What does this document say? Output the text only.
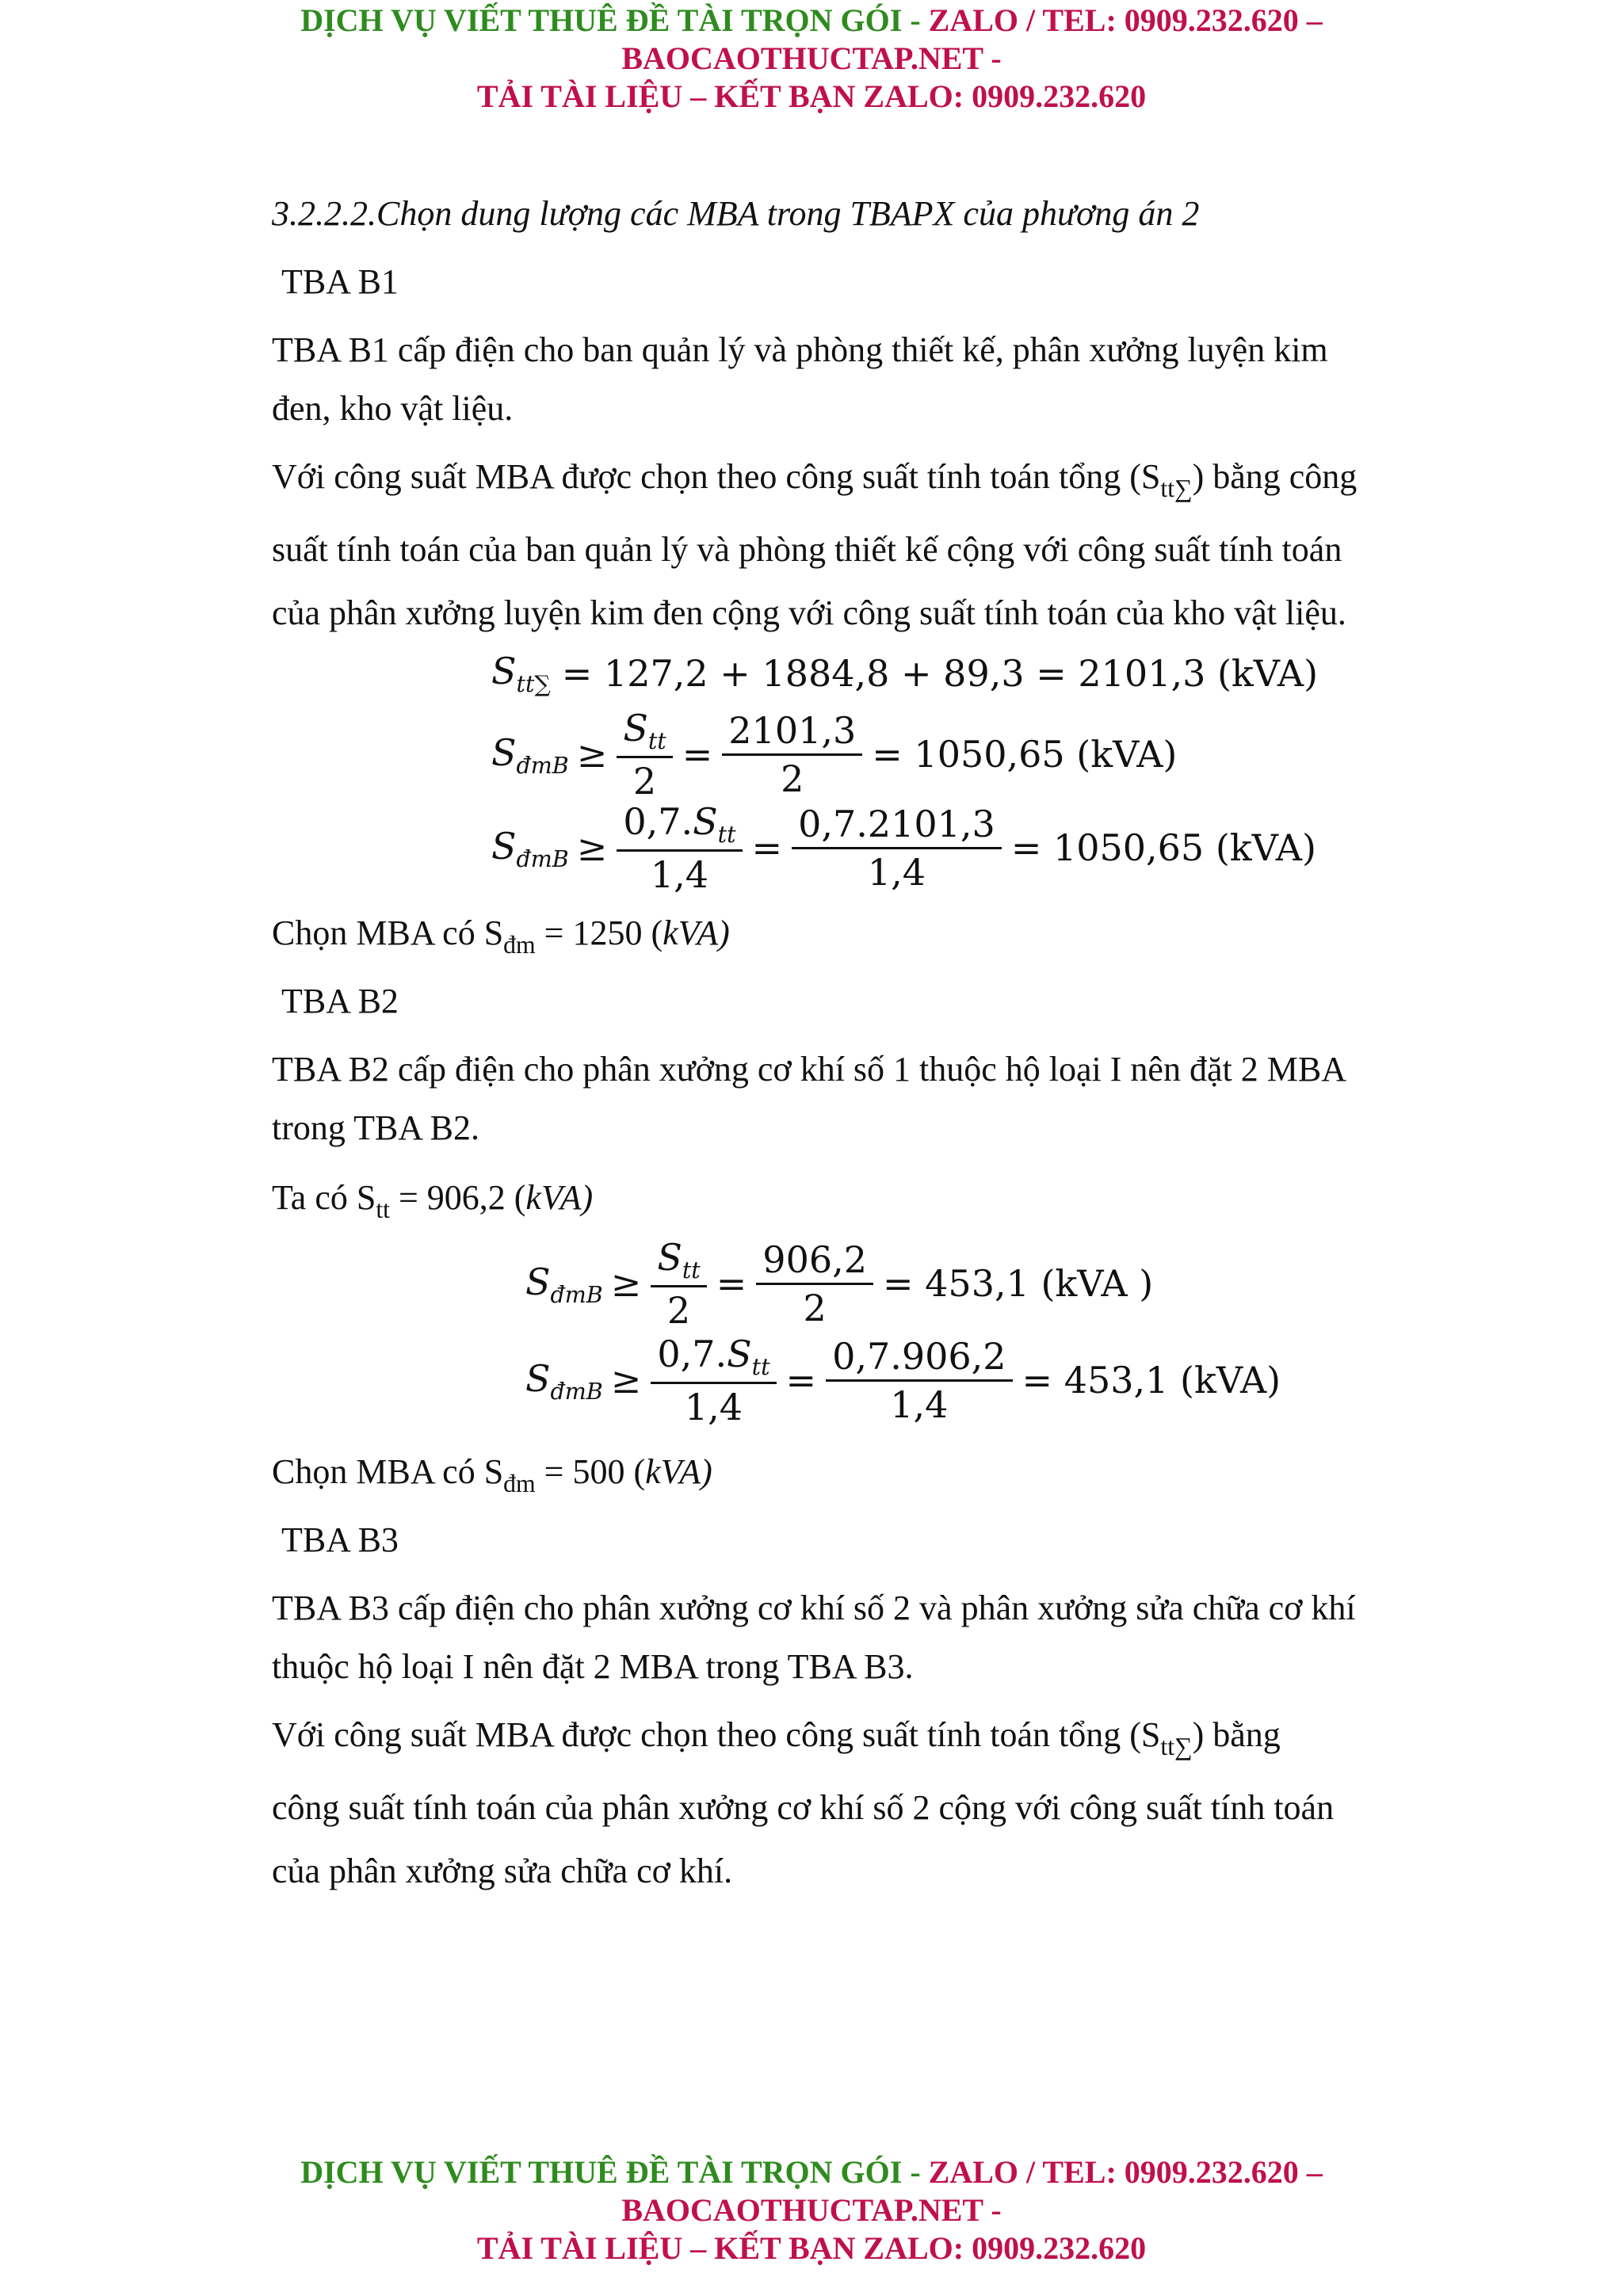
DỊCH VỤ VIẾT THUÊ ĐỀ TÀI TRỌN GÓI - ZALO / TEL: 0909.232.620 –
BAOCAOTHUCTAP.NET -
TẢI TÀI LIỆU – KẾT BẠN ZALO: 0909.232.620
3.2.2.2.Chọn dung lượng các MBA trong TBAPX của phương án 2
TBA B1
TBA B1 cấp điện cho ban quản lý và phòng thiết kế, phân xưởng luyện kim
đen, kho vật liệu.
Với công suất MBA được chọn theo công suất tính toán tổng $(S_{tt\sum})$ bằng công
suất tính toán của ban quản lý và phòng thiết kế cộng với công suất tính toán
của phân xưởng luyện kim đen cộng với công suất tính toán của kho vật liệu.
$S_{tt\sum} = 127,2 + 1884,8 + 89,3 = 2101,3$ (kVA)
$S_{đmB} \ge \frac{S_{tt}}{2} = \frac{2101,3}{2} = 1050,65$ (kVA)
$S_{đmB} \ge \frac{0,7.S_{tt}}{1,4} = \frac{0,7.2101,3}{1,4} = 1050,65$ (kVA)
Chọn MBA có $S_{đm} = 1250$ (kVA)
TBA B2
TBA B2 cấp điện cho phân xưởng cơ khí số 1 thuộc hộ loại I nên đặt 2 MBA
trong TBA B2.
Ta có $S_{tt} = 906,2$ (kVA)
$S_{đmB} \ge \frac{S_{tt}}{2} = \frac{906,2}{2} = 453,1$ (kVA )
$S_{đmB} \ge \frac{0,7.S_{tt}}{1,4} = \frac{0,7.906,2}{1,4} = 453,1$ (kVA)
Chọn MBA có $S_{đm} = 500$ (kVA)
TBA B3
TBA B3 cấp điện cho phân xưởng cơ khí số 2 và phân xưởng sửa chữa cơ khí
thuộc hộ loại I nên đặt 2 MBA trong TBA B3.
Với công suất MBA được chọn theo công suất tính toán tổng $(S_{tt\sum})$ bằng
công suất tính toán của phân xưởng cơ khí số 2 cộng với công suất tính toán
của phân xưởng sửa chữa cơ khí.
DỊCH VỤ VIẾT THUÊ ĐỀ TÀI TRỌN GÓI - ZALO / TEL: 0909.232.620 –
BAOCAOTHUCTAP.NET -
TẢI TÀI LIỆU – KẾT BẠN ZALO: 0909.232.620
